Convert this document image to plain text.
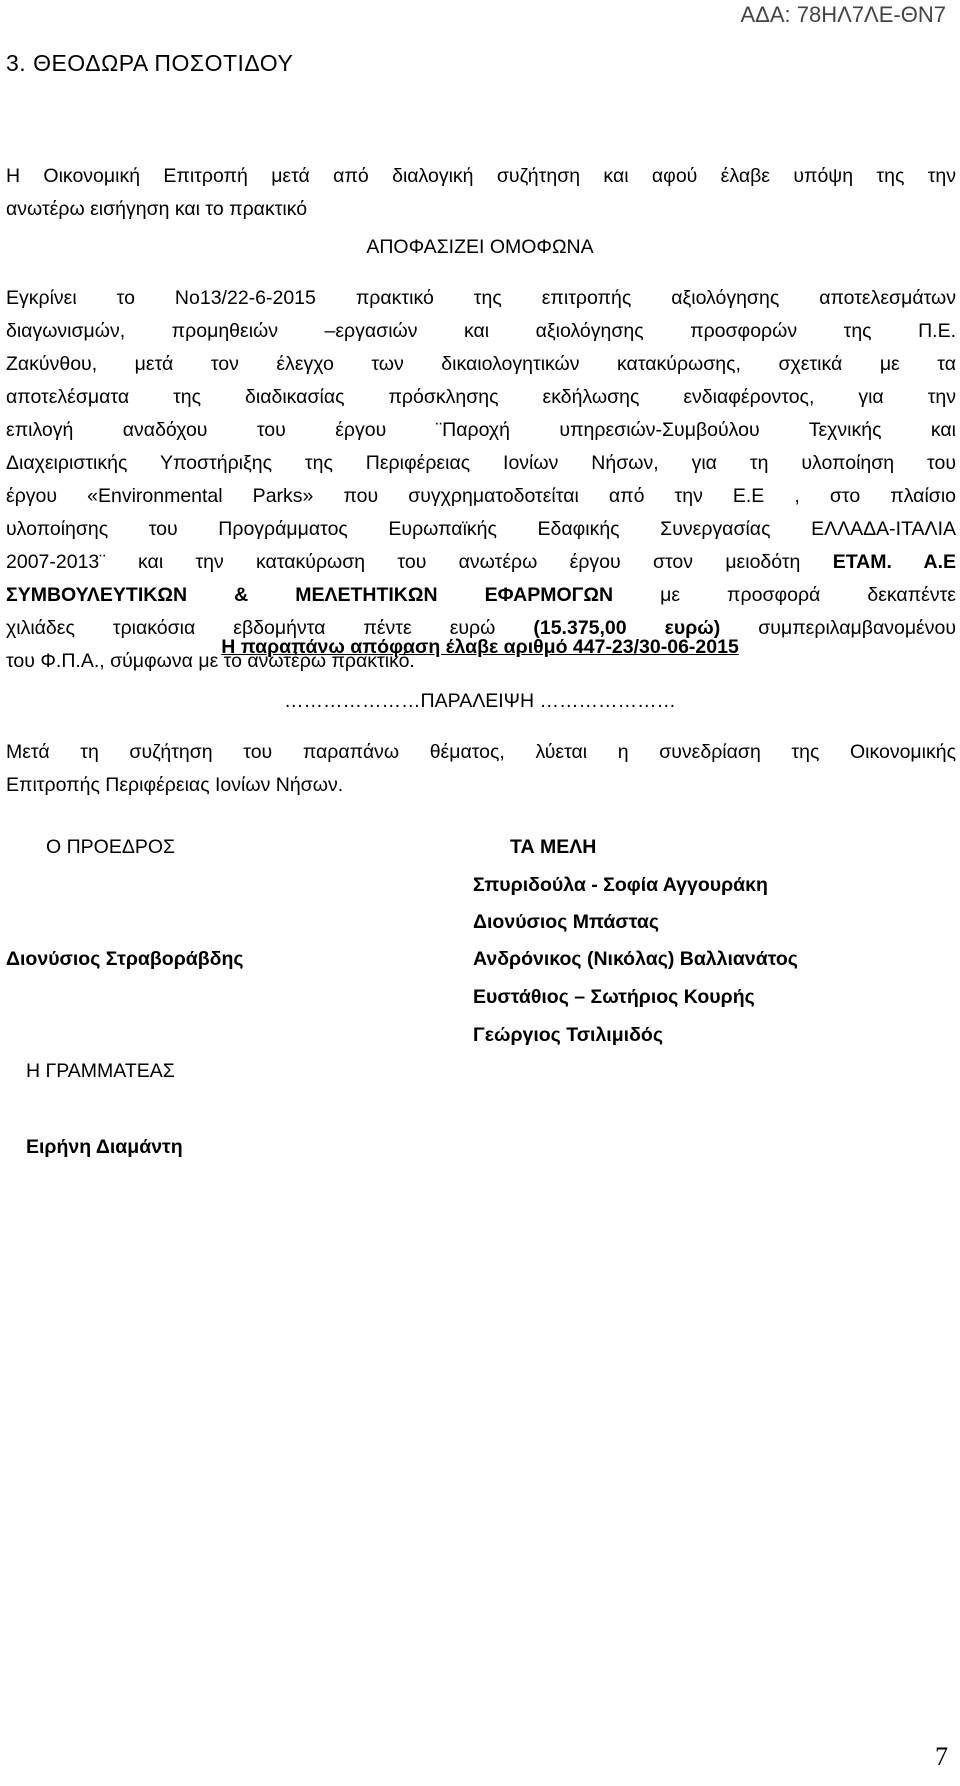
ΑΔΑ: 78ΗΛ7ΛΕ-ΘΝ7
3. ΘΕΟΔΩΡΑ ΠΟΣΟΤΙΔΟΥ
Η Οικονομική Επιτροπή μετά από διαλογική συζήτηση και αφού έλαβε υπόψη της την
ανωτέρω εισήγηση και το πρακτικό
ΑΠΟΦΑΣΙΖΕΙ ΟΜΟΦΩΝΑ
Εγκρίνει το Νο13/22-6-2015 πρακτικό της επιτροπής αξιολόγησης αποτελεσμάτων
διαγωνισμών, προμηθειών –εργασιών και αξιολόγησης προσφορών της Π.Ε.
Ζακύνθου, μετά τον έλεγχο των δικαιολογητικών κατακύρωσης, σχετικά με τα
αποτελέσματα της διαδικασίας πρόσκλησης εκδήλωσης ενδιαφέροντος, για την
επιλογή αναδόχου του έργου ¨Παροχή υπηρεσιών-Συμβούλου Τεχνικής και
Διαχειριστικής Υποστήριξης της Περιφέρειας Ιονίων Νήσων, για τη υλοποίηση του
έργου «Environmental Parks» που συγχρηματοδοτείται από την Ε.Ε , στο πλαίσιο
υλοποίησης του Προγράμματος Ευρωπαϊκής Εδαφικής Συνεργασίας ΕΛΛΑΔΑ-ΙΤΑΛΙΑ
2007-2013¨ και την κατακύρωση του ανωτέρω έργου στον μειοδότη ΕΤΑΜ. Α.Ε
ΣΥΜΒΟΥΛΕΥΤΙΚΩΝ & ΜΕΛΕΤΗΤΙΚΩΝ ΕΦΑΡΜΟΓΩΝ με προσφορά δεκαπέντε
χιλιάδες τριακόσια εβδομήντα πέντε ευρώ (15.375,00 ευρώ) συμπεριλαμβανομένου
του Φ.Π.Α., σύμφωνα με το ανωτέρω πρακτικό.
Η παραπάνω απόφαση έλαβε αριθμό 447-23/30-06-2015
…………………ΠΑΡΑΛΕΙΨΗ …………………
Μετά τη συζήτηση του παραπάνω θέματος, λύεται η συνεδρίαση της Οικονομικής
Επιτροπής Περιφέρειας Ιονίων Νήσων.
Ο ΠΡΟΕΔΡΟΣ
Διονύσιος Στραβοράβδης
ΤΑ ΜΕΛΗ
Σπυριδούλα - Σοφία Αγγουράκη
Διονύσιος Μπάστας
Ανδρόνικος (Νικόλας) Βαλλιανάτος
Ευστάθιος – Σωτήριος Κουρής
Γεώργιος Τσιλιμιδός
Η ΓΡΑΜΜΑΤΕΑΣ
Ειρήνη Διαμάντη
7
